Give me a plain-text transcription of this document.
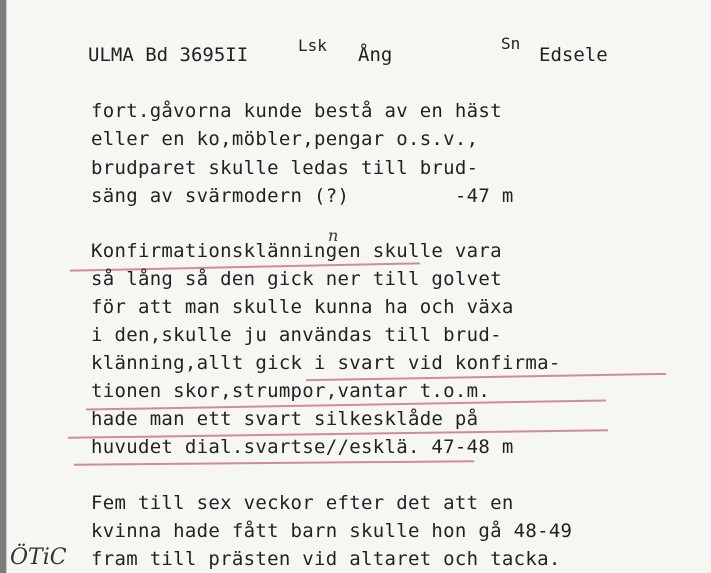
ULMA Bd 3695II	Lsk Ång
Sn
Edsele
fort.gåvorna kunde bestå av en häst
eller en ko,möbler,pengar o.s.v.,
brudparet skulle ledas till brud-
säng av svärmodern (?)         -47 m
n
Konfirmationsklänningen skulle vara
så lång så den gick ner till golvet
för att man skulle kunna ha och växa
i den,skulle ju användas till brud-
klänning,allt gick i svart vid konfirma-
tionen skor,strumpor,vantar t.o.m.
hade man ett svart silkesklåde på
huvudet dial.svartse//esklä. 47-48 m
Fem till sex veckor efter det att en
kvinna hade fått barn skulle hon gå 48-49
fram till prästen vid altaret och tacka.
ÖTiC
